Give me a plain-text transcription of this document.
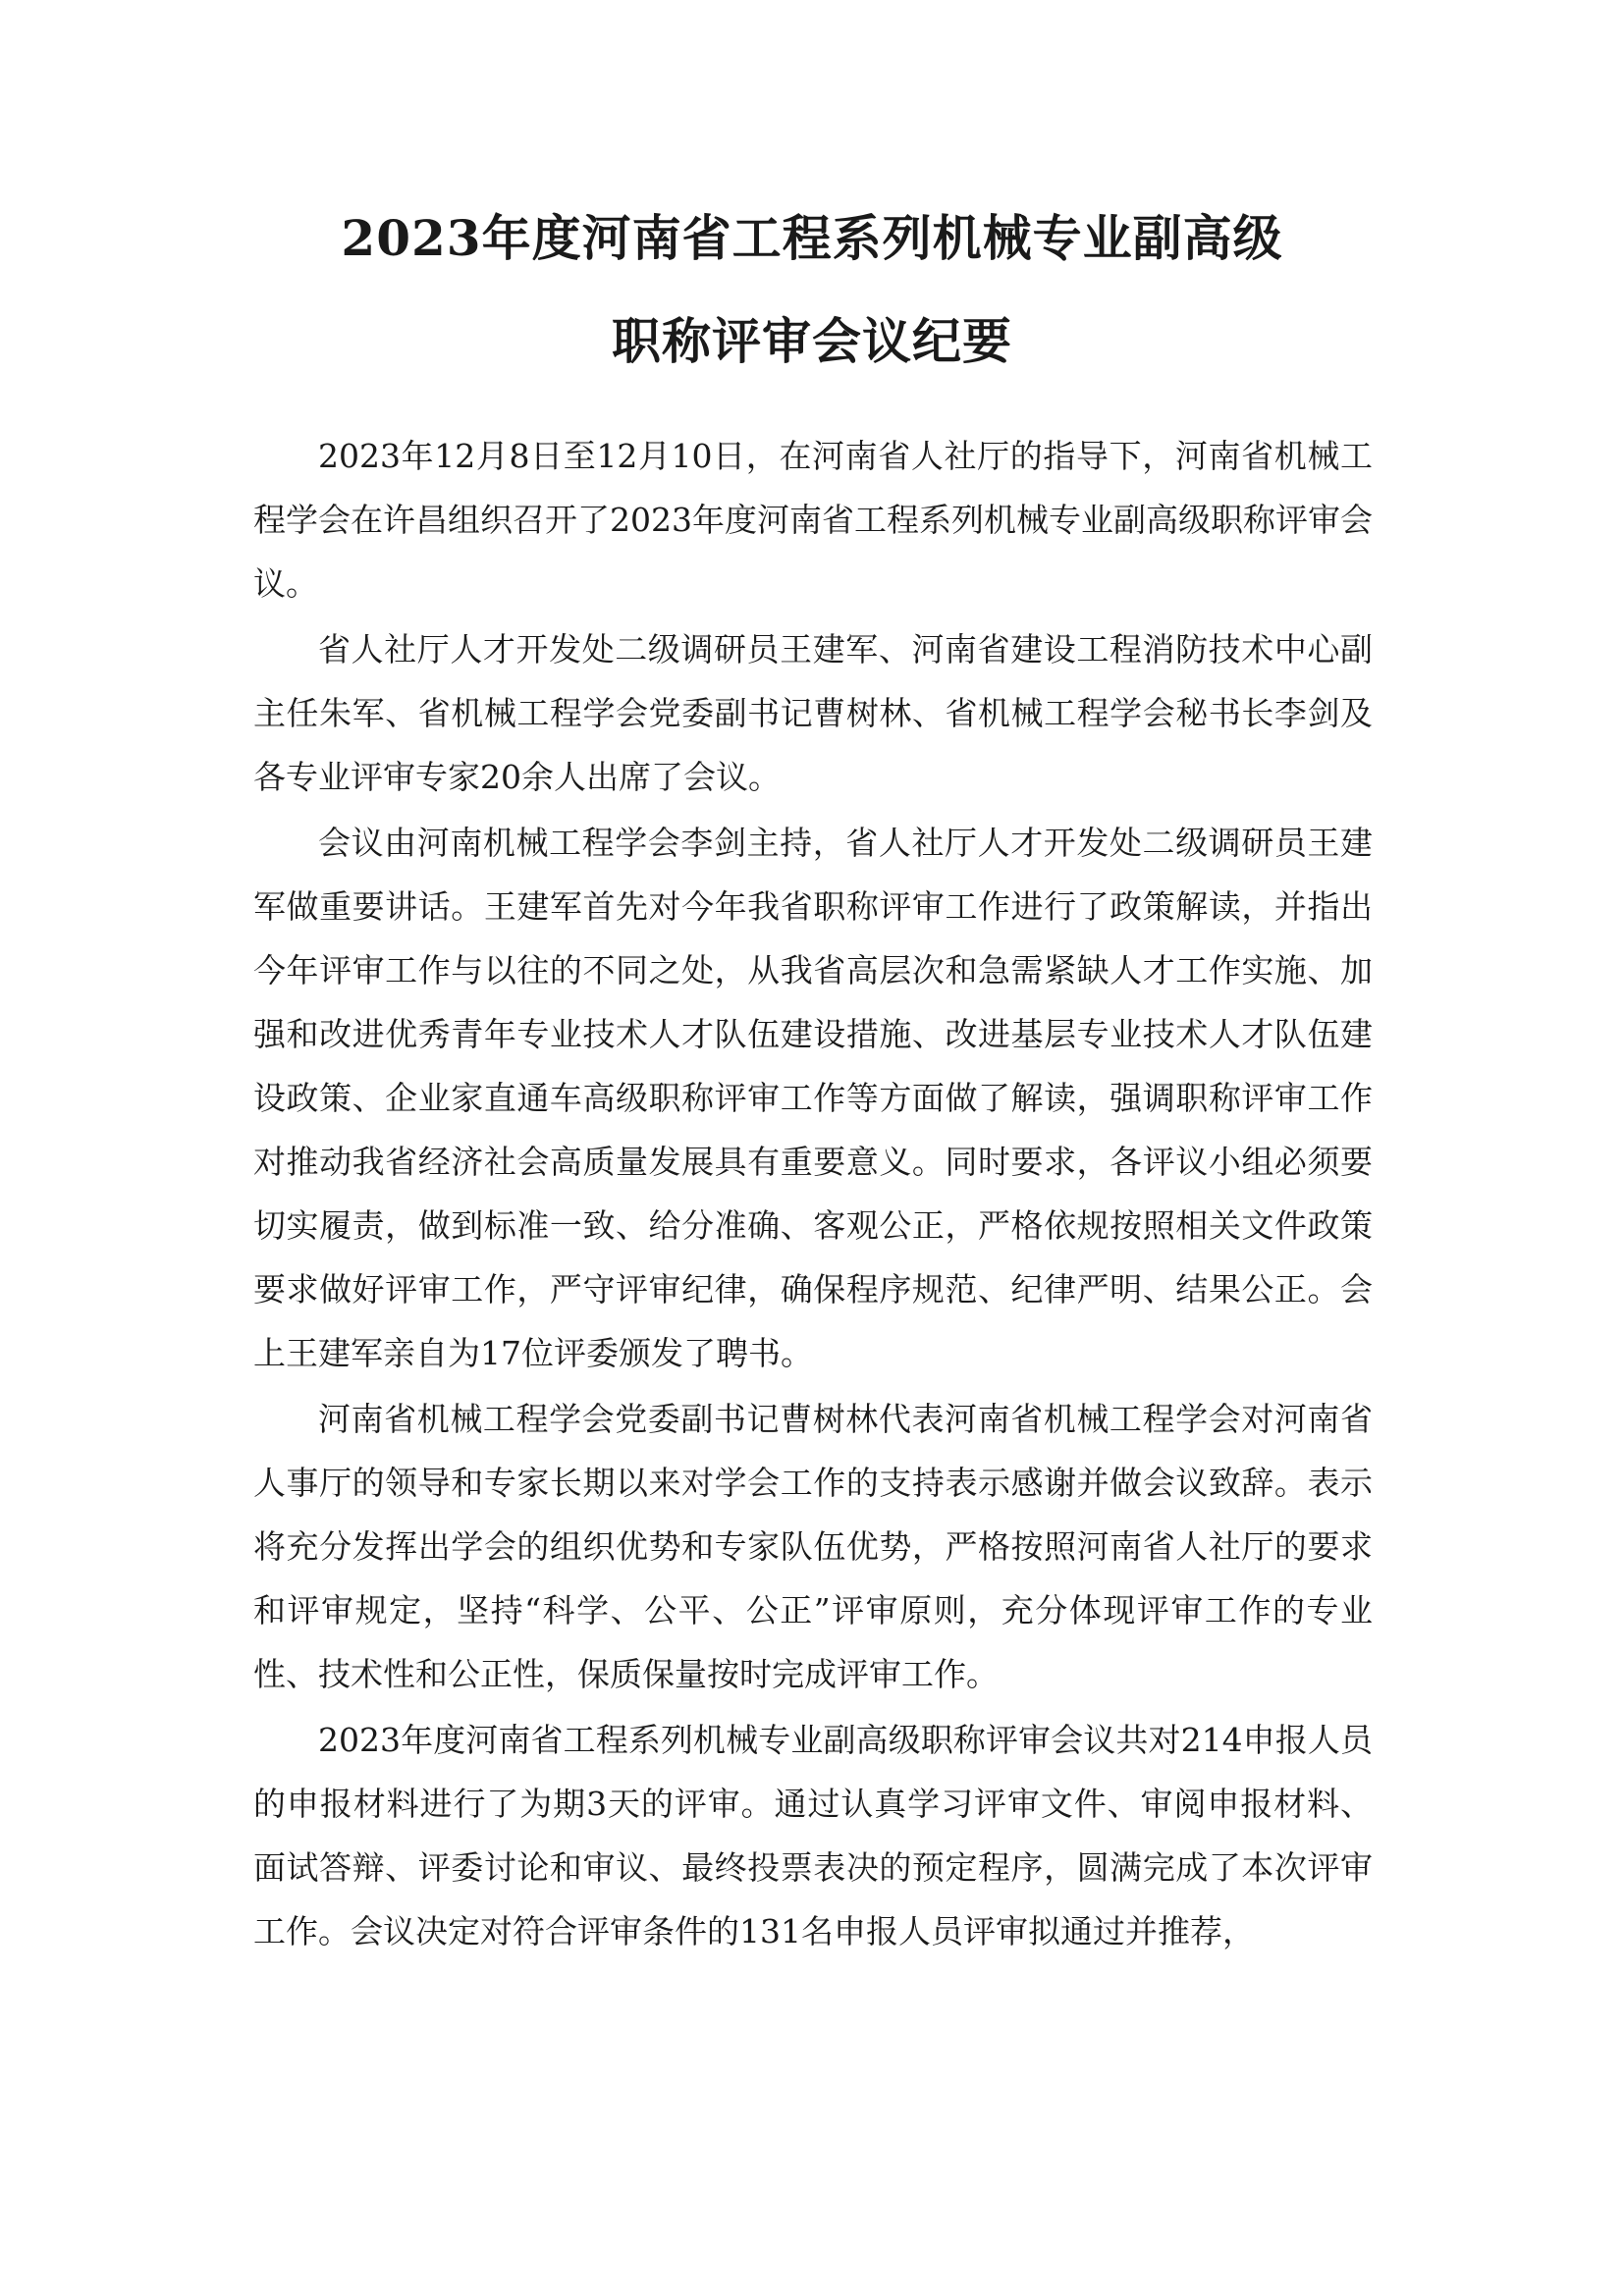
2023年度河南省工程系列机械专业副高级
职称评审会议纪要

2023年12月8日至12月10日，在河南省人社厅的指导下，河南省机械工程学会在许昌组织召开了2023年度河南省工程系列机械专业副高级职称评审会议。

省人社厅人才开发处二级调研员王建军、河南省建设工程消防技术中心副主任朱军、省机械工程学会党委副书记曹树林、省机械工程学会秘书长李剑及各专业评审专家20余人出席了会议。

会议由河南机械工程学会李剑主持，省人社厅人才开发处二级调研员王建军做重要讲话。王建军首先对今年我省职称评审工作进行了政策解读，并指出今年评审工作与以往的不同之处，从我省高层次和急需紧缺人才工作实施、加强和改进优秀青年专业技术人才队伍建设措施、改进基层专业技术人才队伍建设政策、企业家直通车高级职称评审工作等方面做了解读，强调职称评审工作对推动我省经济社会高质量发展具有重要意义。同时要求，各评议小组必须要切实履责，做到标准一致、给分准确、客观公正，严格依规按照相关文件政策要求做好评审工作，严守评审纪律，确保程序规范、纪律严明、结果公正。会上王建军亲自为17位评委颁发了聘书。

河南省机械工程学会党委副书记曹树林代表河南省机械工程学会对河南省人事厅的领导和专家长期以来对学会工作的支持表示感谢并做会议致辞。表示将充分发挥出学会的组织优势和专家队伍优势，严格按照河南省人社厅的要求和评审规定，坚持“科学、公平、公正”评审原则，充分体现评审工作的专业性、技术性和公正性，保质保量按时完成评审工作。

2023年度河南省工程系列机械专业副高级职称评审会议共对214申报人员的申报材料进行了为期3天的评审。通过认真学习评审文件、审阅申报材料、面试答辩、评委讨论和审议、最终投票表决的预定程序，圆满完成了本次评审工作。会议决定对符合评审条件的131名申报人员评审拟通过并推荐，
